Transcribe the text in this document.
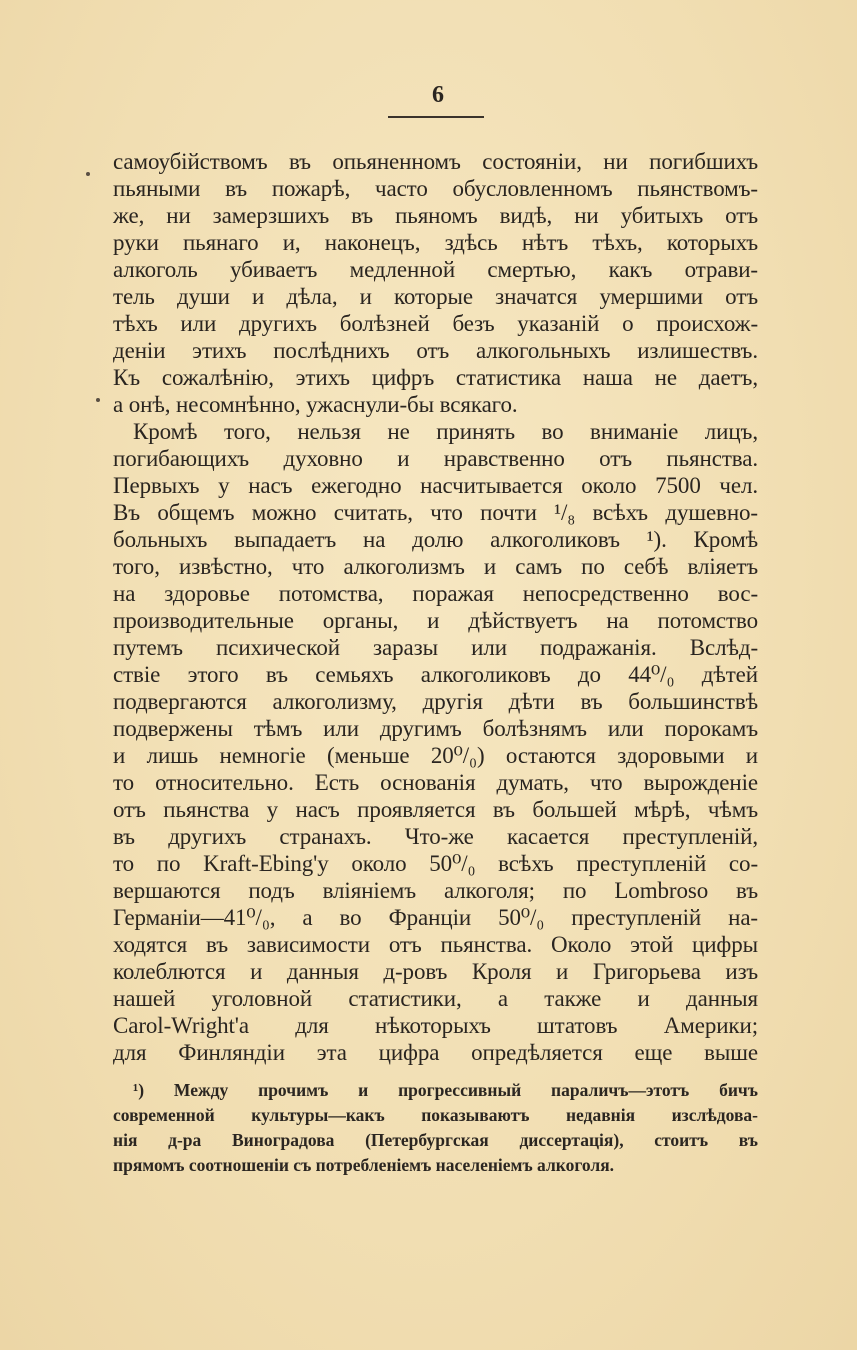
6
самоубійствомъ въ опьяненномъ состояніи, ни погибшихъ
пьяными въ пожарѣ, часто обусловленномъ пьянствомъ-
же, ни замерзшихъ въ пьяномъ видѣ, ни убитыхъ отъ
руки пьянаго и, наконецъ, здѣсь нѣтъ тѣхъ, которыхъ
алкоголь убиваетъ медленной смертью, какъ отрави-
тель души и дѣла, и которые значатся умершими отъ
тѣхъ или другихъ болѣзней безъ указаній о происхож-
деніи этихъ послѣднихъ отъ алкогольныхъ излишествъ.
Къ сожалѣнію, этихъ цифръ статистика наша не даетъ,
а онѣ, несомнѣнно, ужаснули-бы всякаго.
Кромѣ того, нельзя не принять во вниманіе лицъ,
погибающихъ духовно и нравственно отъ пьянства.
Первыхъ у насъ ежегодно насчитывается около 7500 чел.
Въ общемъ можно считать, что почти ¹/₈ всѣхъ душевно-
больныхъ выпадаетъ на долю алкоголиковъ ¹). Кромѣ
того, извѣстно, что алкоголизмъ и самъ по себѣ вліяетъ
на здоровье потомства, поражая непосредственно вос-
производительные органы, и дѣйствуетъ на потомство
путемъ психической заразы или подражанія. Вслѣд-
ствіе этого въ семьяхъ алкоголиковъ до 44⁰/₀ дѣтей
подвергаются алкоголизму, другія дѣти въ большинствѣ
подвержены тѣмъ или другимъ болѣзнямъ или порокамъ
и лишь немногіе (меньше 20⁰/₀) остаются здоровыми и
то относительно. Есть основанія думать, что вырожденіе
отъ пьянства у насъ проявляется въ большей мѣрѣ, чѣмъ
въ другихъ странахъ. Что-же касается преступленій,
то по Kraft-Ebing'у около 50⁰/₀ всѣхъ преступленій со-
вершаются подъ вліяніемъ алкоголя; по Lombroso въ
Германіи—41⁰/₀, а во Франціи 50⁰/₀ преступленій на-
ходятся въ зависимости отъ пьянства. Около этой цифры
колеблются и данныя д-ровъ Кроля и Григорьева изъ
нашей уголовной статистики, а также и данныя
Carol-Wright'а для нѣкоторыхъ штатовъ Америки;
для Финляндіи эта цифра опредѣляется еще выше
¹) Между прочимъ и прогрессивный параличъ—этотъ бичъ
современной культуры—какъ показываютъ недавнія изслѣдова-
нія д-ра Виноградова (Петербургская диссертація), стоитъ въ
прямомъ соотношеніи съ потребленіемъ населеніемъ алкоголя.
